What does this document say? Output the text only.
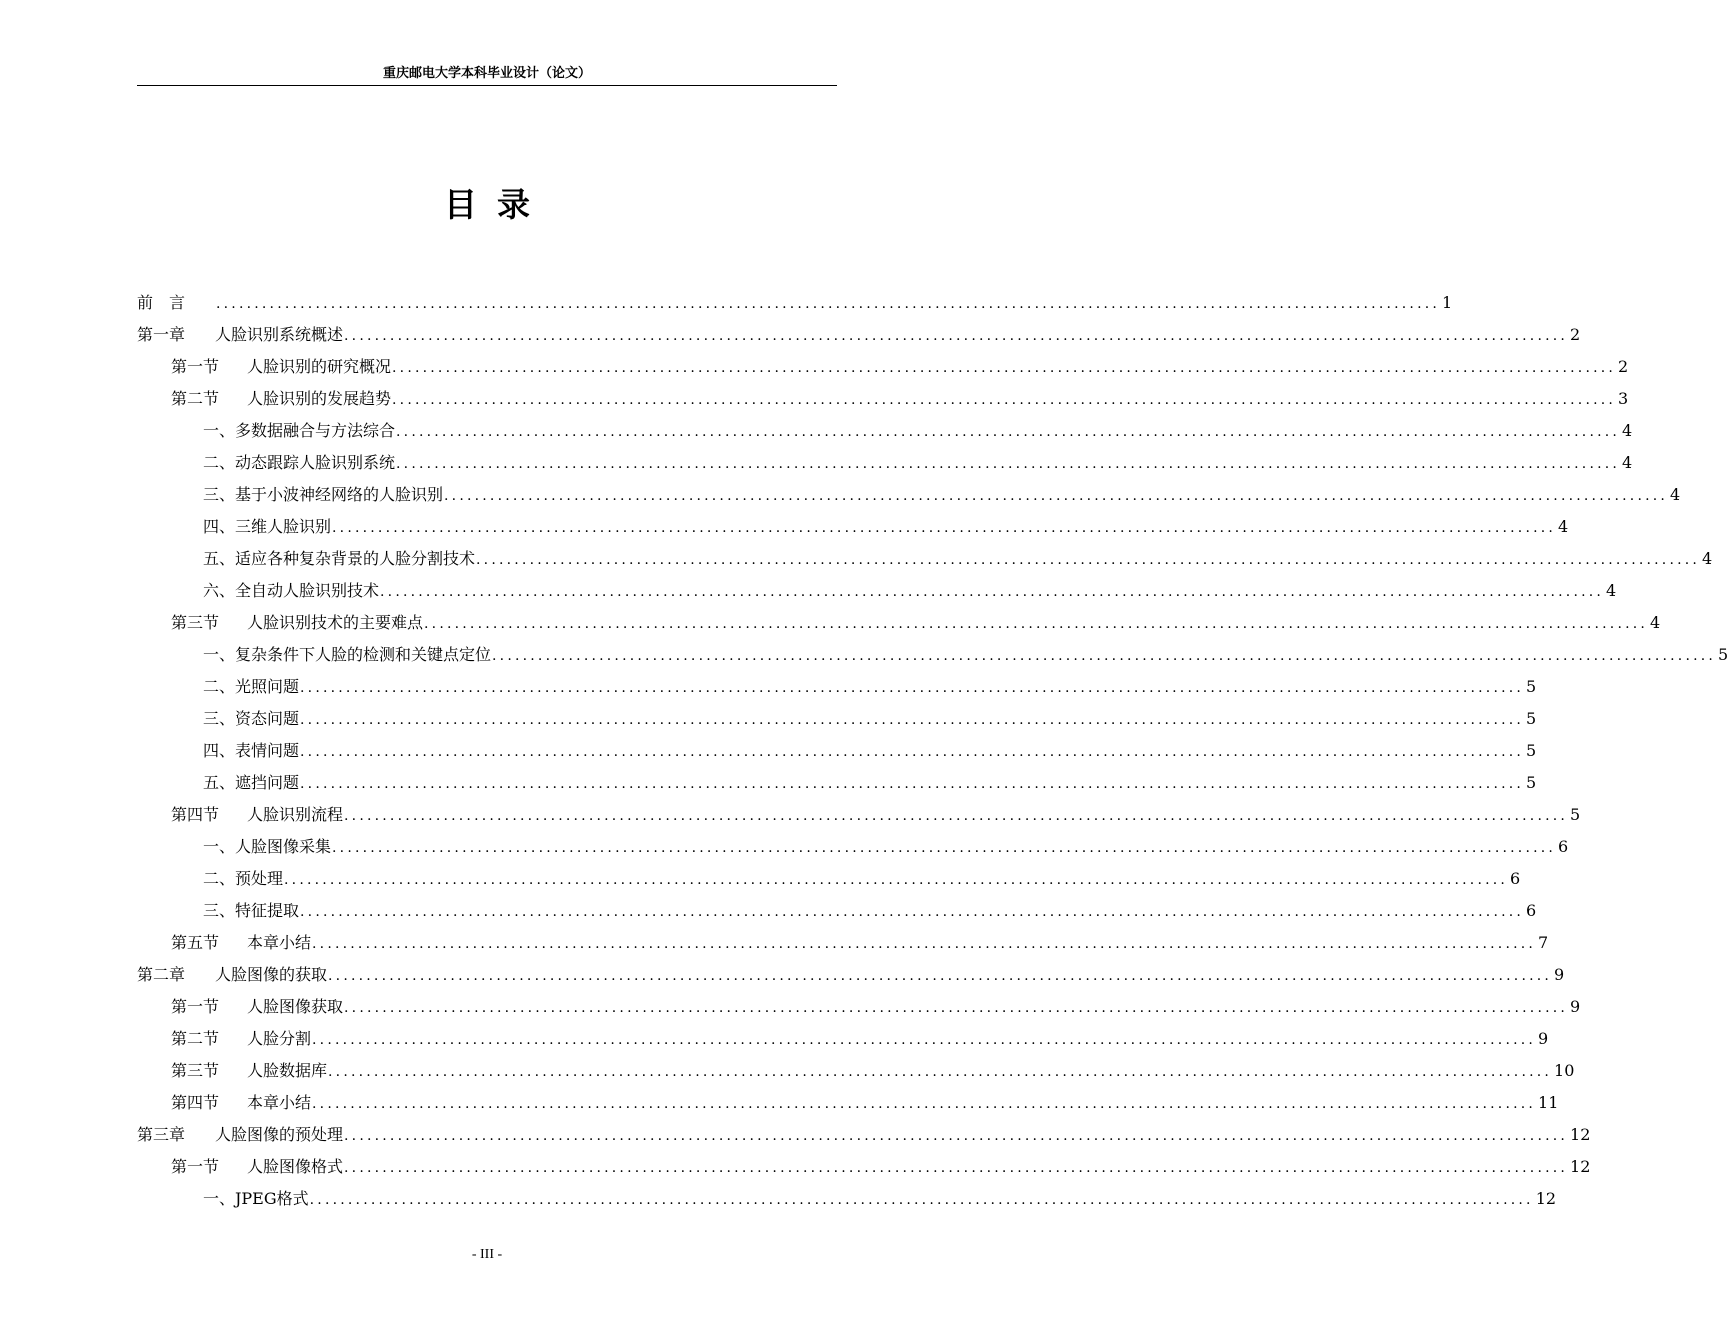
重庆邮电大学本科毕业设计（论文）
目录
前　言	................................................................................................................................................................ 1
第一章 人脸识别系统概述 ................................................................................................................................................................ 2
第一节 人脸识别的研究概况 ................................................................................................................................................................ 2
第二节 人脸识别的发展趋势 ................................................................................................................................................................ 3
一、多数据融合与方法综合 ................................................................................................................................................................ 4
二、动态跟踪人脸识别系统 ................................................................................................................................................................ 4
三、基于小波神经网络的人脸识别 ................................................................................................................................................................ 4
四、三维人脸识别 ................................................................................................................................................................ 4
五、适应各种复杂背景的人脸分割技术 ................................................................................................................................................................ 4
六、全自动人脸识别技术 ................................................................................................................................................................ 4
第三节 人脸识别技术的主要难点 ................................................................................................................................................................ 4
一、复杂条件下人脸的检测和关键点定位 ................................................................................................................................................................ 5
二、光照问题 ................................................................................................................................................................ 5
三、资态问题 ................................................................................................................................................................ 5
四、表情问题 ................................................................................................................................................................ 5
五、遮挡问题 ................................................................................................................................................................ 5
第四节 人脸识别流程 ................................................................................................................................................................ 5
一、人脸图像采集 ................................................................................................................................................................ 6
二、预处理 ................................................................................................................................................................ 6
三、特征提取 ................................................................................................................................................................ 6
第五节 本章小结 ................................................................................................................................................................ 7
第二章 人脸图像的获取 ................................................................................................................................................................ 9
第一节 人脸图像获取 ................................................................................................................................................................ 9
第二节 人脸分割 ................................................................................................................................................................ 9
第三节 人脸数据库 ................................................................................................................................................................ 10
第四节 本章小结 ................................................................................................................................................................ 11
第三章 人脸图像的预处理 ................................................................................................................................................................ 12
第一节 人脸图像格式 ................................................................................................................................................................ 12
一、JPEG格式 ................................................................................................................................................................ 12
- III -
